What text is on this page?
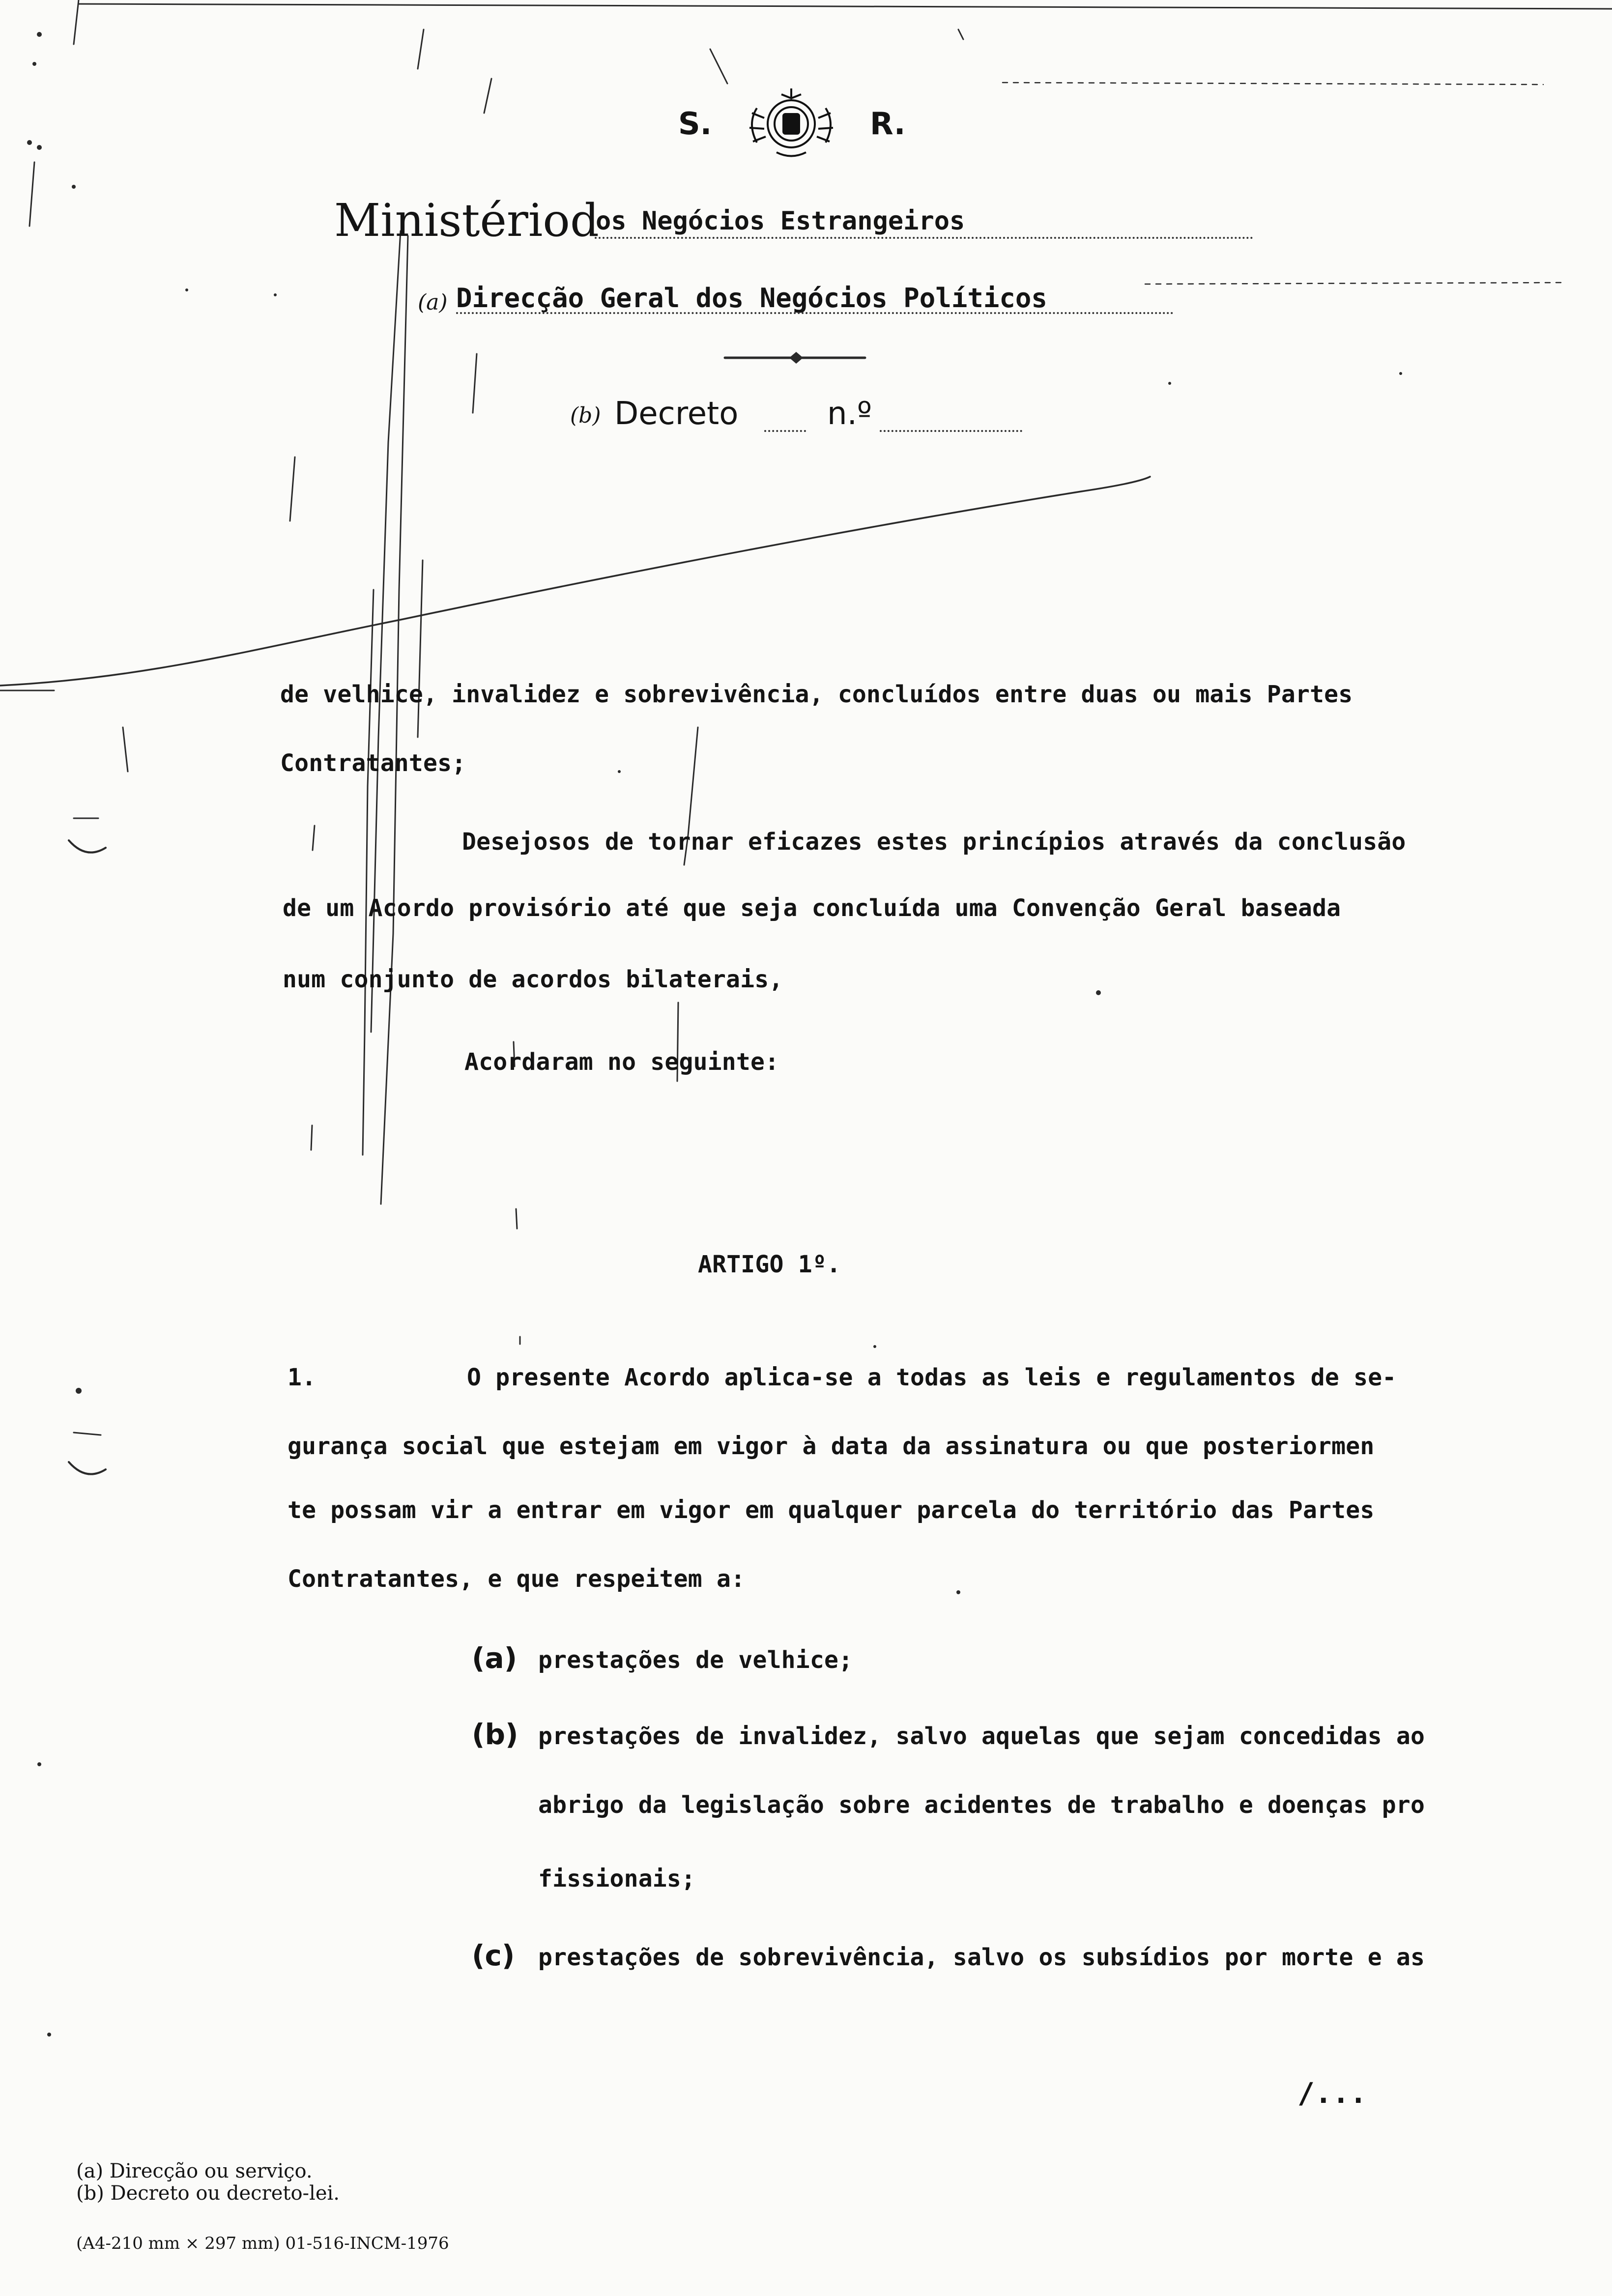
S.	R.
Ministério d
os Negócios Estrangeiros
(a) Direcção Geral dos Negócios Políticos
(b) Decreto	n.º
de velhice, invalidez e sobrevivência, concluídos entre duas ou mais Partes
Contratantes;
Desejosos de tornar eficazes estes princípios através da conclusão
de um Acordo provisório até que seja concluída uma Convenção Geral baseada
num conjunto de acordos bilaterais,
Acordaram no seguinte:
ARTIGO 1º.
1.	O presente Acordo aplica-se a todas as leis e regulamentos de se-
gurança social que estejam em vigor à data da assinatura ou que posteriormen
te possam vir a entrar em vigor em qualquer parcela do território das Partes
Contratantes, e que respeitem a:
(a) prestações de velhice;
(b) prestações de invalidez, salvo aquelas que sejam concedidas ao
abrigo da legislação sobre acidentes de trabalho e doenças pro
fissionais;
(c) prestações de sobrevivência, salvo os subsídios por morte e as
/...
(a) Direcção ou serviço.
(b) Decreto ou decreto-lei.
(A4-210 mm × 297 mm) 01-516-INCM-1976
